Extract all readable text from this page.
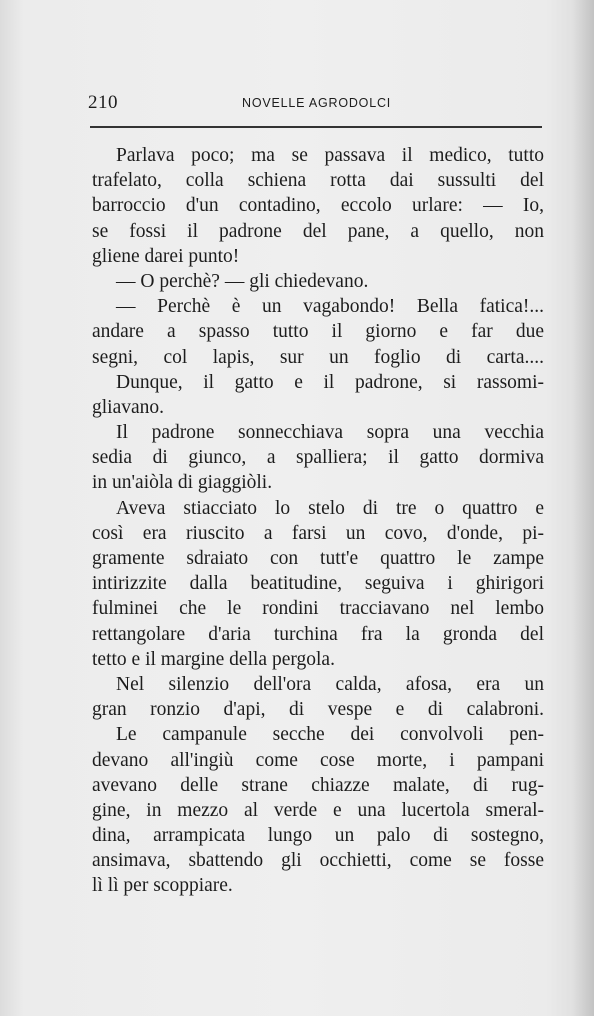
210	NOVELLE AGRODOLCI
Parlava poco; ma se passava il medico, tutto
trafelato, colla schiena rotta dai sussulti del
barroccio d'un contadino, eccolo urlare: — Io,
se fossi il padrone del pane, a quello, non
gliene darei punto!
— O perchè? — gli chiedevano.
— Perchè è un vagabondo! Bella fatica!...
andare a spasso tutto il giorno e far due
segni, col lapis, sur un foglio di carta....
Dunque, il gatto e il padrone, si rassomi-
gliavano.
Il padrone sonnecchiava sopra una vecchia
sedia di giunco, a spalliera; il gatto dormiva
in un'aiòla di giaggiòli.
Aveva stiacciato lo stelo di tre o quattro e
così era riuscito a farsi un covo, d'onde, pi-
gramente sdraiato con tutt'e quattro le zampe
intirizzite dalla beatitudine, seguiva i ghirigori
fulminei che le rondini tracciavano nel lembo
rettangolare d'aria turchina fra la gronda del
tetto e il margine della pergola.
Nel silenzio dell'ora calda, afosa, era un
gran ronzio d'api, di vespe e di calabroni.
Le campanule secche dei convolvoli pen-
devano all'ingiù come cose morte, i pampani
avevano delle strane chiazze malate, di rug-
gine, in mezzo al verde e una lucertola smeral-
dina, arrampicata lungo un palo di sostegno,
ansimava, sbattendo gli occhietti, come se fosse
lì lì per scoppiare.
